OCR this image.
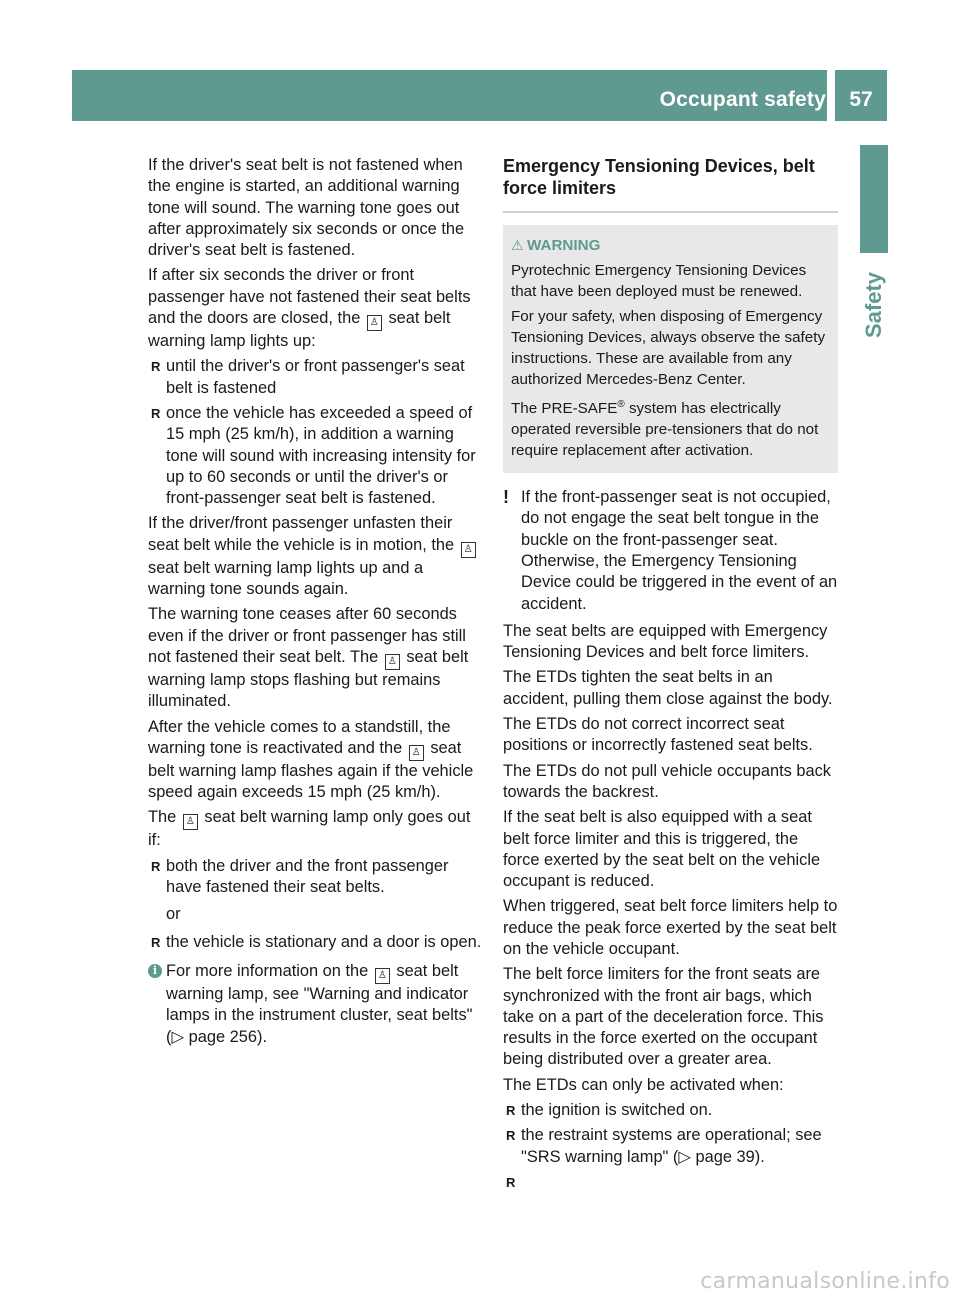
Occupant safety	57
Safety

If the driver's seat belt is not fastened when the engine is started, an additional warning tone will sound. The warning tone goes out after approximately six seconds or once the driver's seat belt is fastened.

If after six seconds the driver or front passenger have not fastened their seat belts and the doors are closed, the ♙ seat belt warning lamp lights up:

R until the driver's or front passenger's seat belt is fastened
R once the vehicle has exceeded a speed of 15 mph (25 km/h), in addition a warning tone will sound with increasing intensity for up to 60 seconds or until the driver's or front-passenger seat belt is fastened.

If the driver/front passenger unfasten their seat belt while the vehicle is in motion, the ♙ seat belt warning lamp lights up and a warning tone sounds again.

The warning tone ceases after 60 seconds even if the driver or front passenger has still not fastened their seat belt. The ♙ seat belt warning lamp stops flashing but remains illuminated.

After the vehicle comes to a standstill, the warning tone is reactivated and the ♙ seat belt warning lamp flashes again if the vehicle speed again exceeds 15 mph (25 km/h).

The ♙ seat belt warning lamp only goes out if:

R both the driver and the front passenger have fastened their seat belts.
or
R the vehicle is stationary and a door is open.
i For more information on the ♙ seat belt warning lamp, see "Warning and indicator lamps in the instrument cluster, seat belts" (▷ page 256).
Emergency Tensioning Devices, belt force limiters
⚠ WARNING

Pyrotechnic Emergency Tensioning Devices that have been deployed must be renewed.

For your safety, when disposing of Emergency Tensioning Devices, always observe the safety instructions. These are available from any authorized Mercedes-Benz Center.

The PRE-SAFE® system has electrically operated reversible pre-tensioners that do not require replacement after activation.

! If the front-passenger seat is not occupied, do not engage the seat belt tongue in the buckle on the front-passenger seat. Otherwise, the Emergency Tensioning Device could be triggered in the event of an accident.

The seat belts are equipped with Emergency Tensioning Devices and belt force limiters.

The ETDs tighten the seat belts in an accident, pulling them close against the body.

The ETDs do not correct incorrect seat positions or incorrectly fastened seat belts.

The ETDs do not pull vehicle occupants back towards the backrest.

If the seat belt is also equipped with a seat belt force limiter and this is triggered, the force exerted by the seat belt on the vehicle occupant is reduced.

When triggered, seat belt force limiters help to reduce the peak force exerted by the seat belt on the vehicle occupant.

The belt force limiters for the front seats are synchronized with the front air bags, which take on a part of the deceleration force. This results in the force exerted on the occupant being distributed over a greater area.

The ETDs can only be activated when:

R the ignition is switched on.
R the restraint systems are operational; see "SRS warning lamp" (▷ page 39).
R
carmanualsonline.info
